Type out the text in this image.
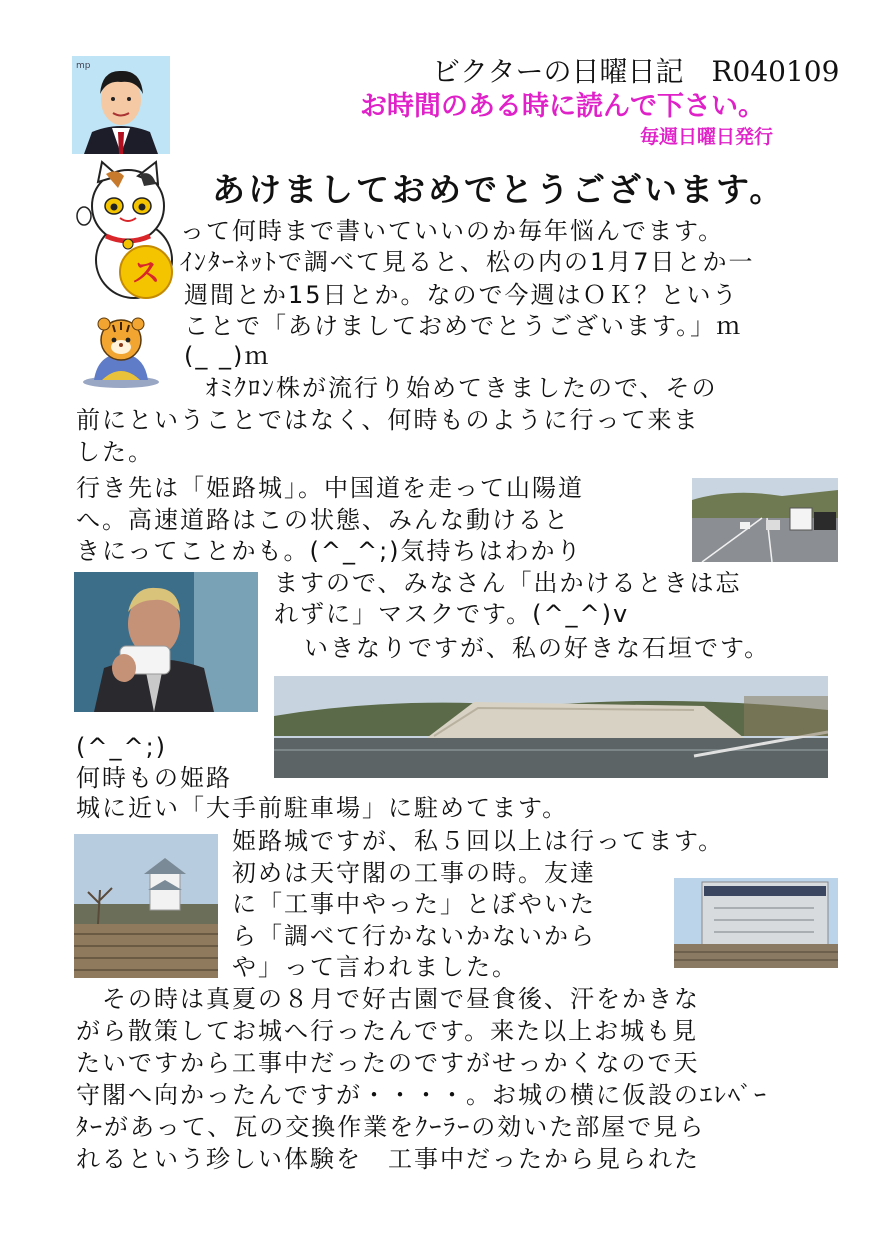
mp	ビクターの日曜日記　R040109
お時間のある時に読んで下さい。
毎週日曜日発行
ス
あけましておめでとうございます。
って何時まで書いていいのか毎年悩んでます。
ｲﾝﾀｰﾈｯﾄで調べて見ると、松の内の1月7日とか一
週間とか15日とか。なので今週はＯＫ？という
ことで「あけましておめでとうございます。」ｍ
(_ _)ｍ
　ｵﾐｸﾛﾝ株が流行り始めてきましたので、その
前にということではなく、何時ものように行って来ま
した。
行き先は「姫路城」。中国道を走って山陽道
へ。高速道路はこの状態、みんな動けると
きにってことかも。(^_^;)気持ちはわかり
ますので、みなさん「出かけるときは忘
れずに」マスクです。(^_^)v
いきなりですが、私の好きな石垣です。
(^_^;)
何時もの姫路
城に近い「大手前駐車場」に駐めてます。
姫路城ですが、私５回以上は行ってます。
初めは天守閣の工事の時。友達
に「工事中やった」とぼやいた
ら「調べて行かないかないから
や」って言われました。
　その時は真夏の８月で好古園で昼食後、汗をかきな
がら散策してお城へ行ったんです。来た以上お城も見
たいですから工事中だったのですがせっかくなので天
守閣へ向かったんですが・・・・。お城の横に仮設のｴﾚﾍﾞｰ
ﾀｰがあって、瓦の交換作業をｸｰﾗｰの効いた部屋で見ら
れるという珍しい体験を　工事中だったから見られた
